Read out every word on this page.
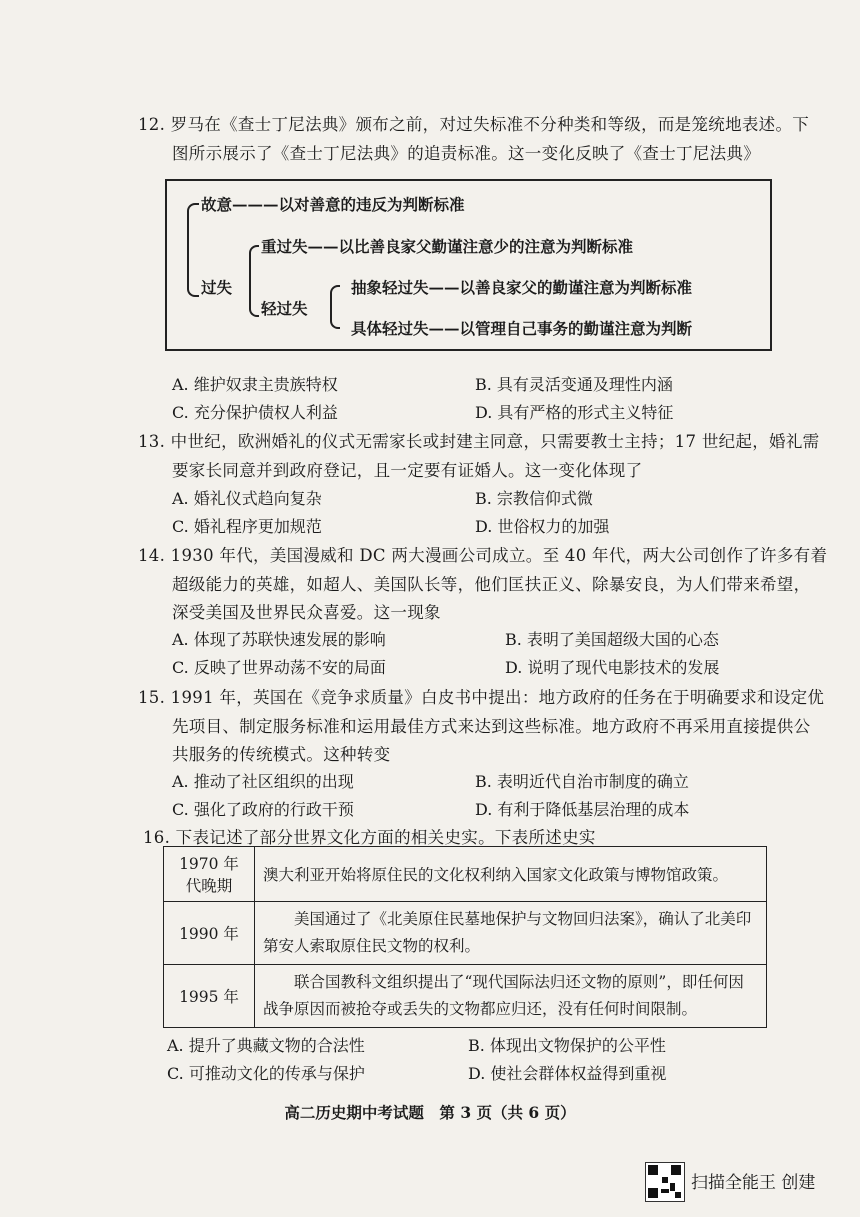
12. 罗马在《查士丁尼法典》颁布之前，对过失标准不分种类和等级，而是笼统地表述。下
图所示展示了《查士丁尼法典》的追责标准。这一变化反映了《查士丁尼法典》
故意———以对善意的违反为判断标准
过失
重过失——以比善良家父勤谨注意少的注意为判断标准
轻过失
抽象轻过失——以善良家父的勤谨注意为判断标准
具体轻过失——以管理自己事务的勤谨注意为判断
A. 维护奴隶主贵族特权	B. 具有灵活变通及理性内涵
C. 充分保护债权人利益	D. 具有严格的形式主义特征
13. 中世纪，欧洲婚礼的仪式无需家长或封建主同意，只需要教士主持；17 世纪起，婚礼需
要家长同意并到政府登记，且一定要有证婚人。这一变化体现了
A. 婚礼仪式趋向复杂	B. 宗教信仰式微
C. 婚礼程序更加规范	D. 世俗权力的加强
14. 1930 年代，美国漫威和 DC 两大漫画公司成立。至 40 年代，两大公司创作了许多有着
超级能力的英雄，如超人、美国队长等，他们匡扶正义、除暴安良，为人们带来希望，
深受美国及世界民众喜爱。这一现象
A. 体现了苏联快速发展的影响	B. 表明了美国超级大国的心态
C. 反映了世界动荡不安的局面	D. 说明了现代电影技术的发展
15. 1991 年，英国在《竞争求质量》白皮书中提出：地方政府的任务在于明确要求和设定优
先项目、制定服务标准和运用最佳方式来达到这些标准。地方政府不再采用直接提供公
共服务的传统模式。这种转变
A. 推动了社区组织的出现	B. 表明近代自治市制度的确立
C. 强化了政府的行政干预	D. 有利于降低基层治理的成本
16. 下表记述了部分世界文化方面的相关史实。下表所述史实
1970 年代晚期	澳大利亚开始将原住民的文化权利纳入国家文化政策与博物馆政策。
1990 年	　　美国通过了《北美原住民墓地保护与文物回归法案》，确认了北美印第安人索取原住民文物的权利。
1995 年	　　联合国教科文组织提出了“现代国际法归还文物的原则”，即任何因战争原因而被抢夺或丢失的文物都应归还，没有任何时间限制。
A. 提升了典藏文物的合法性	B. 体现出文物保护的公平性
C. 可推动文化的传承与保护	D. 使社会群体权益得到重视
高二历史期中考试题　第 3 页（共 6 页）
扫描全能王 创建
